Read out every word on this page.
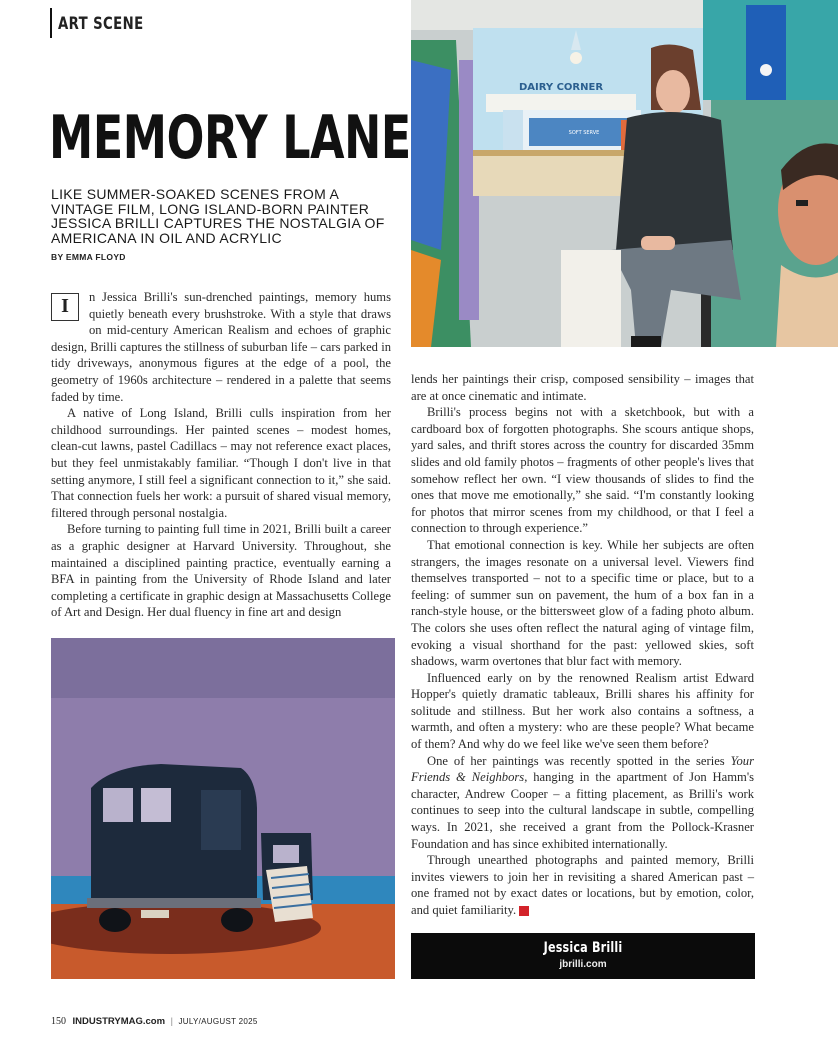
ART SCENE
MEMORY LANE
LIKE SUMMER-SOAKED SCENES FROM A VINTAGE FILM, LONG ISLAND-BORN PAINTER JESSICA BRILLI CAPTURES THE NOSTALGIA OF AMERICANA IN OIL AND ACRYLIC
BY EMMA FLOYD
DAIRY CORNER
SOFT SERVE

I	n Jessica Brilli's sun-drenched paintings, memory hums quietly beneath every brushstroke. With a style that draws on mid-century American Realism and echoes of graphic design, Brilli captures the stillness of suburban life – cars parked in tidy driveways, anonymous figures at the edge of a pool, the geometry of 1960s architecture – rendered in a palette that seems faded by time.

A native of Long Island, Brilli culls inspiration from her childhood surroundings. Her painted scenes – modest homes, clean-cut lawns, pastel Cadillacs – may not reference exact places, but they feel unmistakably familiar. “Though I don't live in that setting anymore, I still feel a significant connection to it,” she said. That connection fuels her work: a pursuit of shared visual memory, filtered through personal nostalgia.

Before turning to painting full time in 2021, Brilli built a career as a graphic designer at Harvard University. Throughout, she maintained a disciplined painting practice, eventually earning a BFA in painting from the University of Rhode Island and later completing a certificate in graphic design at Massachusetts College of Art and Design. Her dual fluency in fine art and design

lends her paintings their crisp, composed sensibility – images that are at once cinematic and intimate.

Brilli's process begins not with a sketchbook, but with a cardboard box of forgotten photographs. She scours antique shops, yard sales, and thrift stores across the country for discarded 35mm slides and old family photos – fragments of other people's lives that somehow reflect her own. “I view thousands of slides to find the ones that move me emotionally,” she said. “I'm constantly looking for photos that mirror scenes from my childhood, or that I feel a connection to through experience.”

That emotional connection is key. While her subjects are often strangers, the images resonate on a universal level. Viewers find themselves transported – not to a specific time or place, but to a feeling: of summer sun on pavement, the hum of a box fan in a ranch-style house, or the bittersweet glow of a fading photo album. The colors she uses often reflect the natural aging of vintage film, evoking a visual shorthand for the past: yellowed skies, soft shadows, warm overtones that blur fact with memory.

Influenced early on by the renowned Realism artist Edward Hopper's quietly dramatic tableaux, Brilli shares his affinity for solitude and stillness. But her work also contains a softness, a warmth, and often a mystery: who are these people? What became of them? And why do we feel like we've seen them before?

One of her paintings was recently spotted in the series Your Friends & Neighbors, hanging in the apartment of Jon Hamm's character, Andrew Cooper – a fitting placement, as Brilli's work continues to seep into the cultural landscape in subtle, compelling ways. In 2021, she received a grant from the Pollock-Krasner Foundation and has since exhibited internationally.

Through unearthed photographs and painted memory, Brilli invites viewers to join her in revisiting a shared American past – one framed not by exact dates or locations, but by emotion, color, and quiet familiarity. I

Jessica Brilli
jbrilli.com
150 INDUSTRYMAG.com | JULY/AUGUST 2025
